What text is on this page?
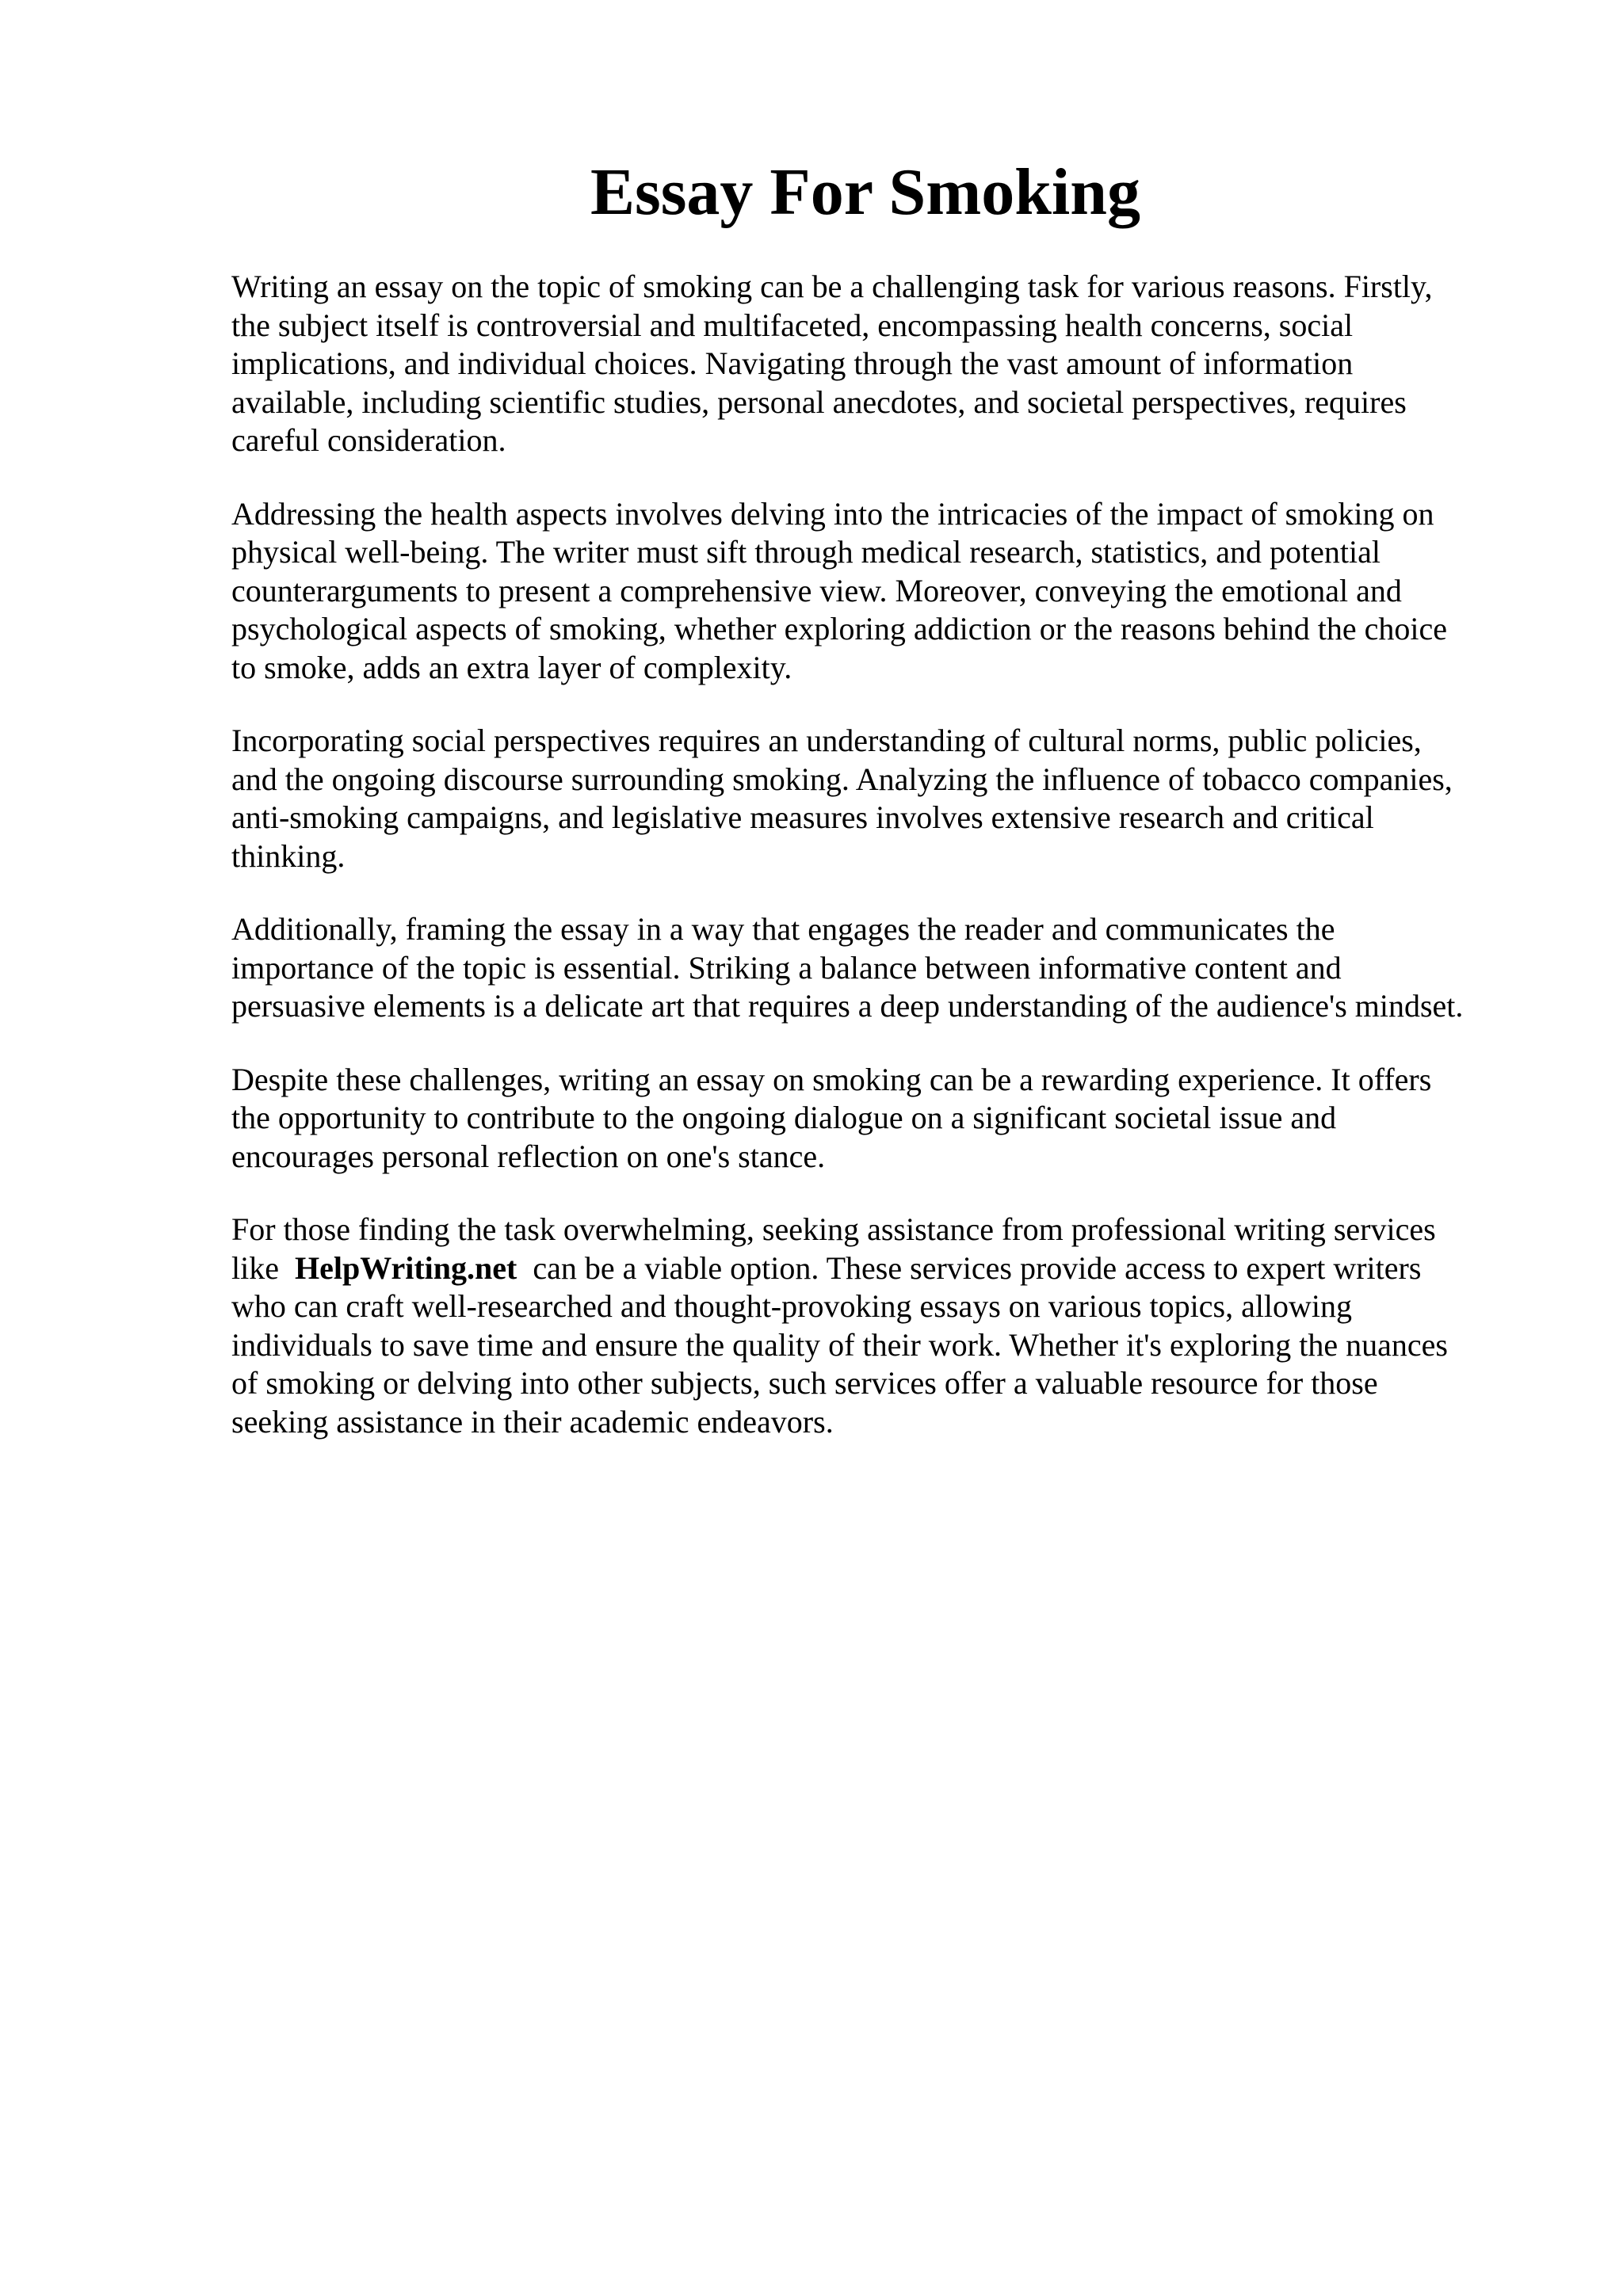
Essay For Smoking

Writing an essay on the topic of smoking can be a challenging task for various reasons. Firstly,
the subject itself is controversial and multifaceted, encompassing health concerns, social
implications, and individual choices. Navigating through the vast amount of information
available, including scientific studies, personal anecdotes, and societal perspectives, requires
careful consideration.

Addressing the health aspects involves delving into the intricacies of the impact of smoking on
physical well-being. The writer must sift through medical research, statistics, and potential
counterarguments to present a comprehensive view. Moreover, conveying the emotional and
psychological aspects of smoking, whether exploring addiction or the reasons behind the choice
to smoke, adds an extra layer of complexity.

Incorporating social perspectives requires an understanding of cultural norms, public policies,
and the ongoing discourse surrounding smoking. Analyzing the influence of tobacco companies,
anti-smoking campaigns, and legislative measures involves extensive research and critical
thinking.

Additionally, framing the essay in a way that engages the reader and communicates the
importance of the topic is essential. Striking a balance between informative content and
persuasive elements is a delicate art that requires a deep understanding of the audience's mindset.

Despite these challenges, writing an essay on smoking can be a rewarding experience. It offers
the opportunity to contribute to the ongoing dialogue on a significant societal issue and
encourages personal reflection on one's stance.

For those finding the task overwhelming, seeking assistance from professional writing services
like HelpWriting.net can be a viable option. These services provide access to expert writers
who can craft well-researched and thought-provoking essays on various topics, allowing
individuals to save time and ensure the quality of their work. Whether it's exploring the nuances
of smoking or delving into other subjects, such services offer a valuable resource for those
seeking assistance in their academic endeavors.
